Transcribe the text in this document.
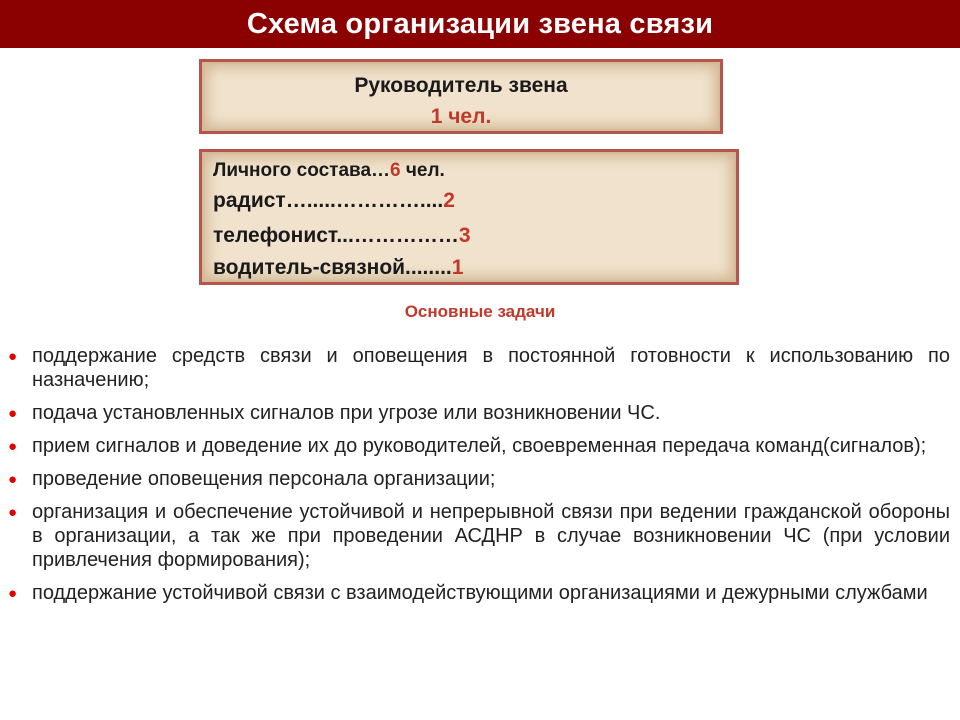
Схема организации звена связи
Руководитель звена
1 чел.
Личного состава…6 чел.
радист….....…………....2
телефонист...……………3
водитель-связной........1
Основные задачи
● поддержание средств связи и оповещения в постоянной готовности к использованию по назначению;
● подача установленных сигналов при угрозе или возникновении ЧС.
● прием сигналов и доведение их до руководителей, своевременная передача команд(сигналов);
● проведение оповещения персонала организации;
● организация и обеспечение устойчивой и непрерывной связи при ведении гражданской обороны в организации, а так же при проведении АСДНР в случае возникновении ЧС (при условии привлечения формирования);
● поддержание устойчивой связи с взаимодействующими организациями и дежурными службами
